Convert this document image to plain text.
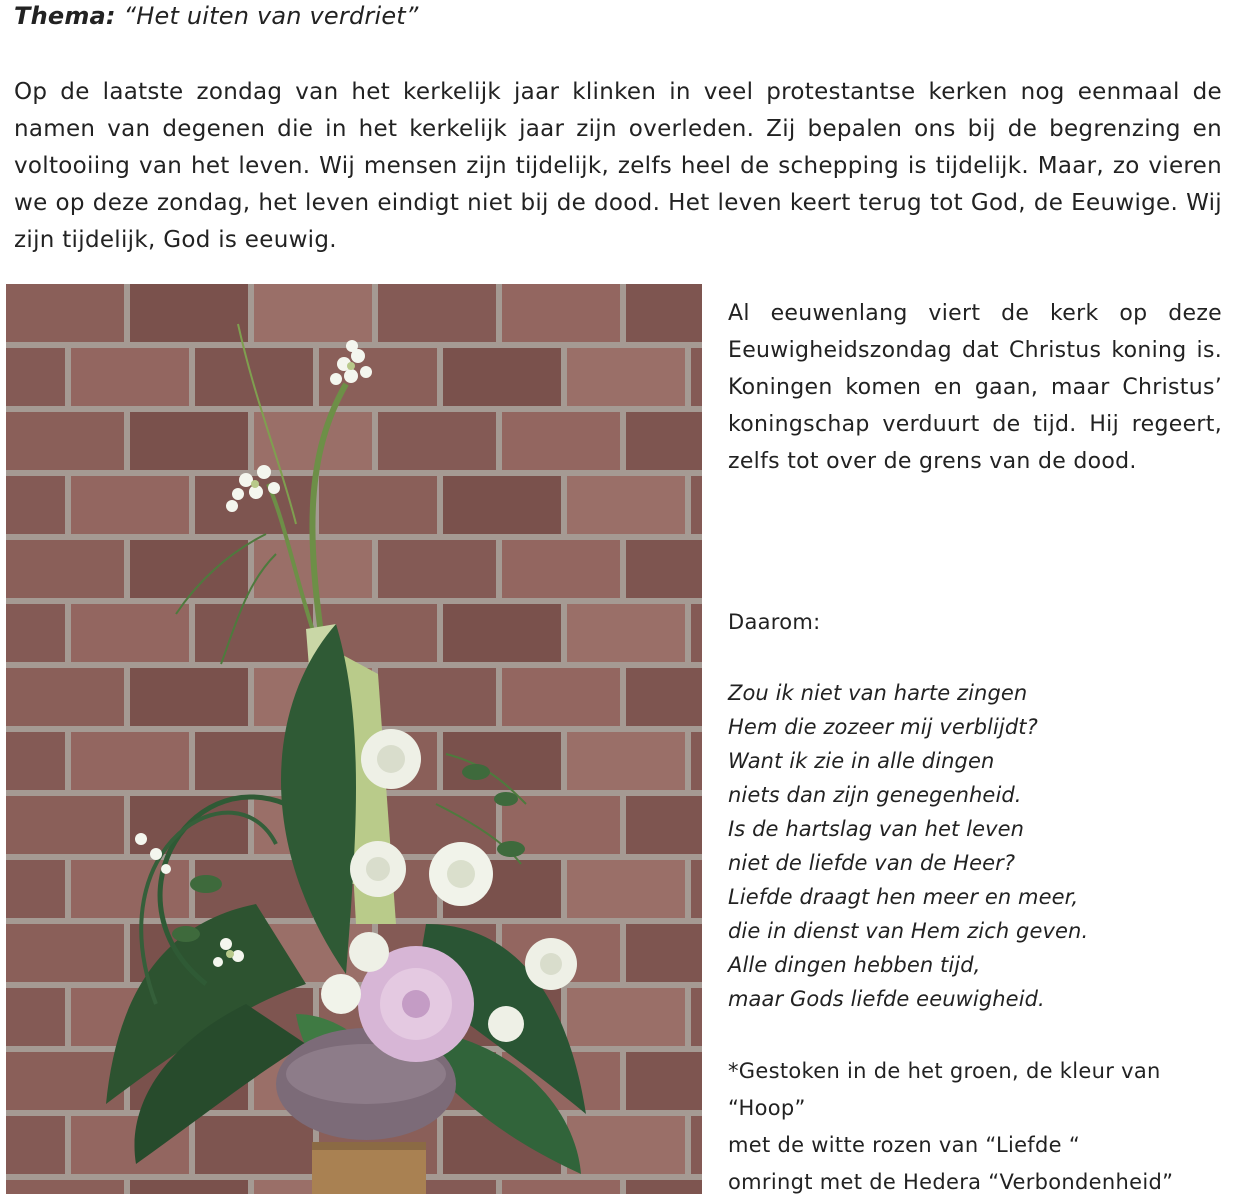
Thema: “Het uiten van verdriet”

Op de laatste zondag van het kerkelijk jaar klinken in veel protestantse kerken nog eenmaal de namen van degenen die in het kerkelijk jaar zijn overleden. Zij bepalen ons bij de begrenzing en voltooiing van het leven. Wij mensen zijn tijdelijk, zelfs heel de schepping is tijdelijk. Maar, zo vieren we op deze zondag, het leven eindigt niet bij de dood. Het leven keert terug tot God, de Eeuwige. Wij zijn tijdelijk, God is eeuwig.

Al eeuwenlang viert de kerk op deze Eeuwigheidszondag dat Christus koning is. Koningen komen en gaan, maar Christus’ koningschap verduurt de tijd. Hij regeert, zelfs tot over de grens van de dood.

Daarom:

Zou ik niet van harte zingen
Hem die zozeer mij verblijdt?
Want ik zie in alle dingen
niets dan zijn genegenheid.
Is de hartslag van het leven
niet de liefde van de Heer?
Liefde draagt hen meer en meer,
die in dienst van Hem zich geven.
Alle dingen hebben tijd,
maar Gods liefde eeuwigheid.
*Gestoken in de het groen, de kleur van
“Hoop”
met de witte rozen van “Liefde “
omringt met de Hedera “Verbondenheid”
